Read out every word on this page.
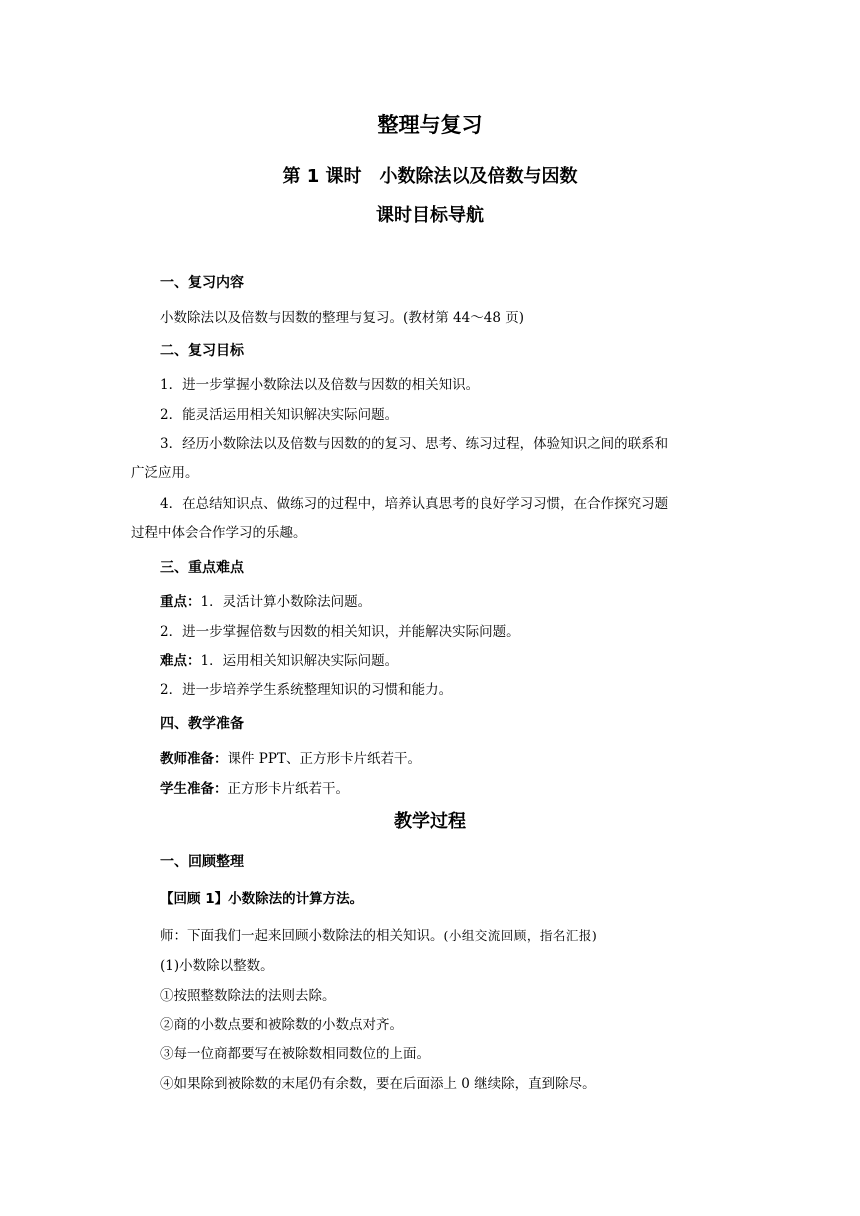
整理与复习
第 1 课时 小数除法以及倍数与因数
课时目标导航
一、复习内容
小数除法以及倍数与因数的整理与复习。(教材第 44～48 页)
二、复习目标
1．进一步掌握小数除法以及倍数与因数的相关知识。
2．能灵活运用相关知识解决实际问题。
3．经历小数除法以及倍数与因数的的复习、思考、练习过程，体验知识之间的联系和
广泛应用。
4．在总结知识点、做练习的过程中，培养认真思考的良好学习习惯，在合作探究习题
过程中体会合作学习的乐趣。
三、重点难点
重点：1．灵活计算小数除法问题。
2．进一步掌握倍数与因数的相关知识，并能解决实际问题。
难点：1．运用相关知识解决实际问题。
2．进一步培养学生系统整理知识的习惯和能力。
四、教学准备
教师准备：课件 PPT、正方形卡片纸若干。
学生准备：正方形卡片纸若干。
教学过程
一、回顾整理
【回顾 1】小数除法的计算方法。
师：下面我们一起来回顾小数除法的相关知识。(小组交流回顾，指名汇报)
(1)小数除以整数。
①按照整数除法的法则去除。
②商的小数点要和被除数的小数点对齐。
③每一位商都要写在被除数相同数位的上面。
④如果除到被除数的末尾仍有余数，要在后面添上 0 继续除，直到除尽。
